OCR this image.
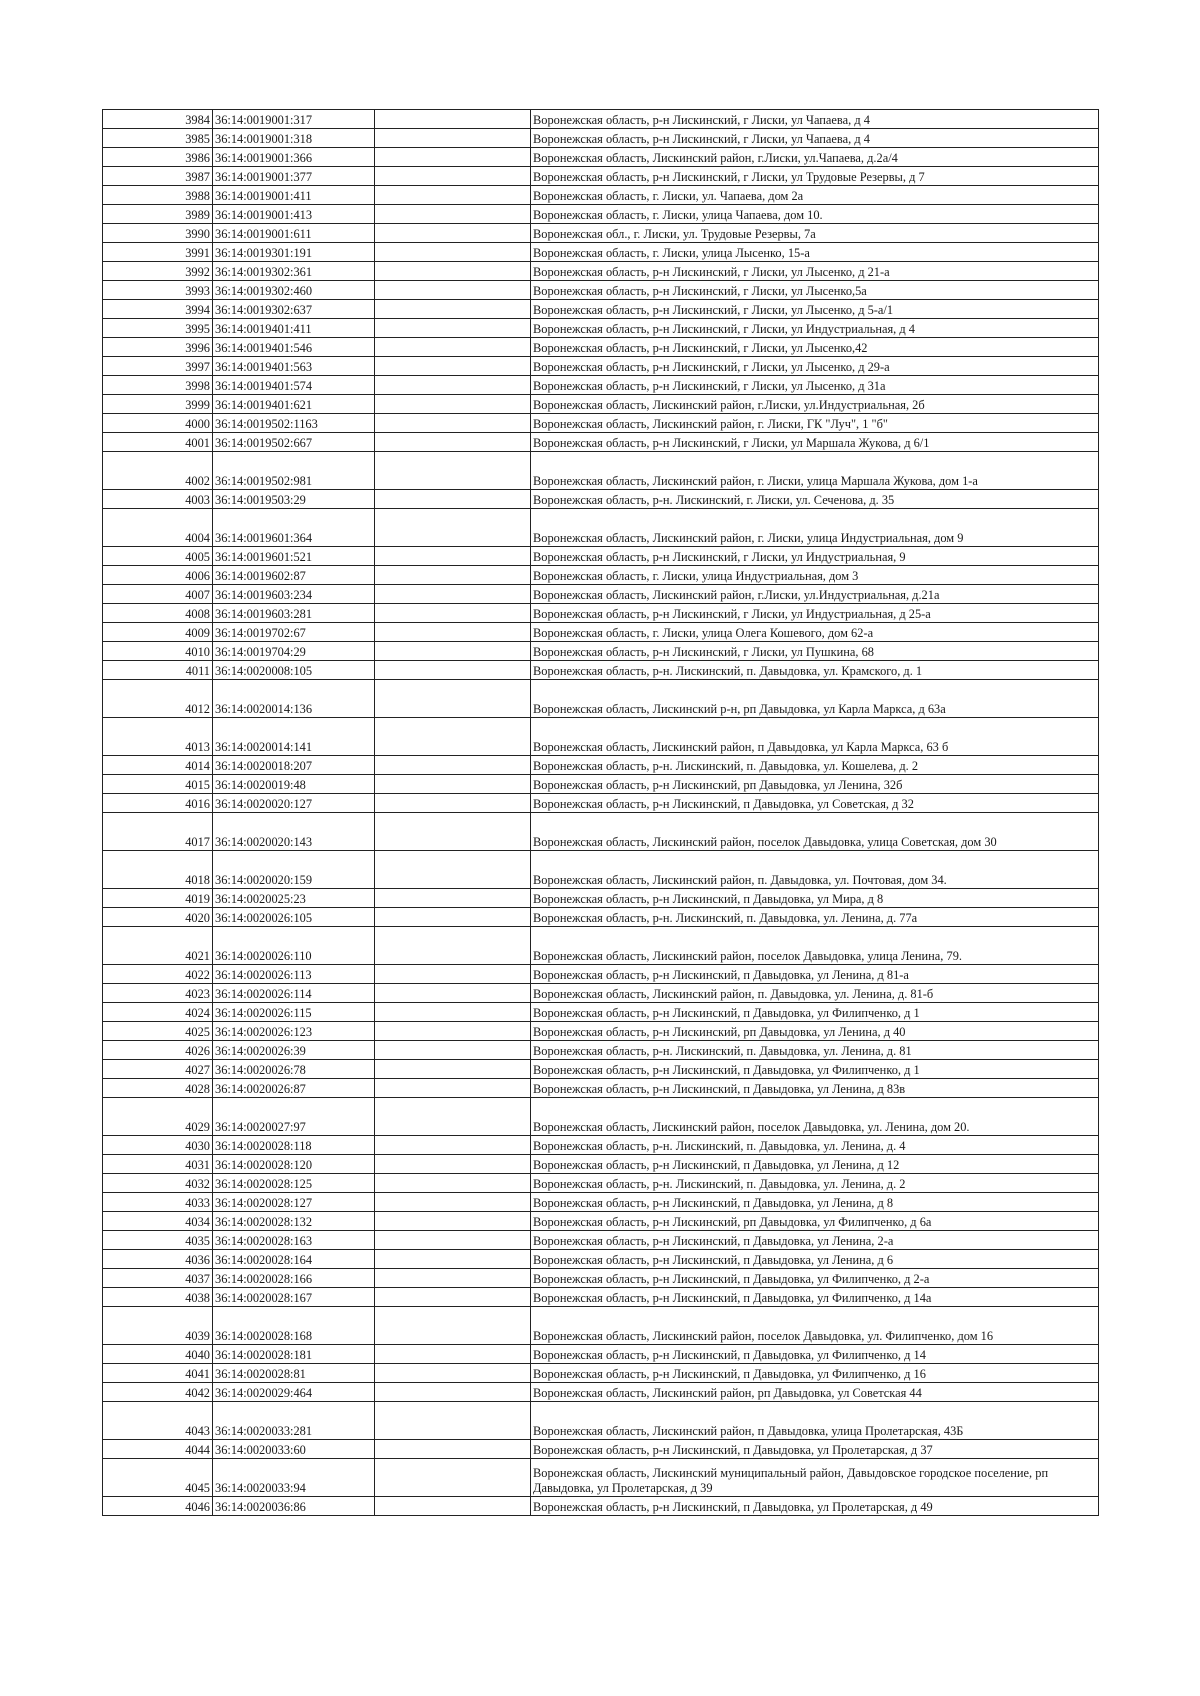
3984	36:14:0019001:317		Воронежская область, р-н Лискинский, г Лиски, ул Чапаева, д 4
3985	36:14:0019001:318		Воронежская область, р-н Лискинский, г Лиски, ул Чапаева, д 4
3986	36:14:0019001:366		Воронежская область, Лискинский район, г.Лиски, ул.Чапаева, д.2а/4
3987	36:14:0019001:377		Воронежская область, р-н Лискинский, г Лиски, ул Трудовые Резервы, д 7
3988	36:14:0019001:411		Воронежская область, г. Лиски, ул. Чапаева, дом 2а
3989	36:14:0019001:413		Воронежская область, г. Лиски, улица Чапаева, дом 10.
3990	36:14:0019001:611		Воронежская обл., г. Лиски, ул. Трудовые Резервы, 7а
3991	36:14:0019301:191		Воронежская область, г. Лиски, улица Лысенко, 15-а
3992	36:14:0019302:361		Воронежская область, р-н Лискинский, г Лиски, ул Лысенко, д 21-а
3993	36:14:0019302:460		Воронежская область, р-н Лискинский, г Лиски, ул Лысенко,5а
3994	36:14:0019302:637		Воронежская область, р-н Лискинский, г Лиски, ул Лысенко, д 5-а/1
3995	36:14:0019401:411		Воронежская область, р-н Лискинский, г Лиски, ул Индустриальная, д 4
3996	36:14:0019401:546		Воронежская область, р-н Лискинский, г Лиски, ул Лысенко,42
3997	36:14:0019401:563		Воронежская область, р-н Лискинский, г Лиски, ул Лысенко, д 29-а
3998	36:14:0019401:574		Воронежская область, р-н Лискинский, г Лиски, ул Лысенко, д 31а
3999	36:14:0019401:621		Воронежская область, Лискинский район, г.Лиски, ул.Индустриальная, 2б
4000	36:14:0019502:1163		Воронежская область, Лискинский район, г. Лиски, ГК "Луч", 1 "б"
4001	36:14:0019502:667		Воронежская область, р-н Лискинский, г Лиски, ул Маршала Жукова, д 6/1
4002	36:14:0019502:981		Воронежская область, Лискинский район, г. Лиски, улица Маршала Жукова, дом 1-а
4003	36:14:0019503:29		Воронежская область, р-н. Лискинский, г. Лиски, ул. Сеченова, д. 35
4004	36:14:0019601:364		Воронежская область, Лискинский район, г. Лиски, улица Индустриальная, дом 9
4005	36:14:0019601:521		Воронежская область, р-н Лискинский, г Лиски, ул Индустриальная, 9
4006	36:14:0019602:87		Воронежская область, г. Лиски, улица Индустриальная, дом 3
4007	36:14:0019603:234		Воронежская область, Лискинский район, г.Лиски, ул.Индустриальная, д.21а
4008	36:14:0019603:281		Воронежская область, р-н Лискинский, г Лиски, ул Индустриальная, д 25-а
4009	36:14:0019702:67		Воронежская область, г. Лиски, улица Олега Кошевого, дом 62-а
4010	36:14:0019704:29		Воронежская область, р-н Лискинский, г Лиски, ул Пушкина, 68
4011	36:14:0020008:105		Воронежская область, р-н. Лискинский, п. Давыдовка, ул. Крамского, д. 1
4012	36:14:0020014:136		Воронежская область, Лискинский р-н, рп Давыдовка, ул Карла Маркса, д 63а
4013	36:14:0020014:141		Воронежская область, Лискинский район, п Давыдовка, ул Карла Маркса, 63 б
4014	36:14:0020018:207		Воронежская область, р-н. Лискинский, п. Давыдовка, ул. Кошелева, д. 2
4015	36:14:0020019:48		Воронежская область, р-н Лискинский, рп Давыдовка, ул Ленина, 32б
4016	36:14:0020020:127		Воронежская область, р-н Лискинский, п Давыдовка, ул Советская, д 32
4017	36:14:0020020:143		Воронежская область, Лискинский район, поселок Давыдовка, улица Советская, дом 30
4018	36:14:0020020:159		Воронежская область, Лискинский район, п. Давыдовка, ул. Почтовая, дом 34.
4019	36:14:0020025:23		Воронежская область, р-н Лискинский, п Давыдовка, ул Мира, д 8
4020	36:14:0020026:105		Воронежская область, р-н. Лискинский, п. Давыдовка, ул. Ленина, д. 77а
4021	36:14:0020026:110		Воронежская область, Лискинский район, поселок Давыдовка, улица Ленина, 79.
4022	36:14:0020026:113		Воронежская область, р-н Лискинский, п Давыдовка, ул Ленина, д 81-а
4023	36:14:0020026:114		Воронежская область, Лискинский район, п. Давыдовка, ул. Ленина, д. 81-б
4024	36:14:0020026:115		Воронежская область, р-н Лискинский, п Давыдовка, ул Филипченко, д 1
4025	36:14:0020026:123		Воронежская область, р-н Лискинский, рп Давыдовка, ул Ленина, д 40
4026	36:14:0020026:39		Воронежская область, р-н. Лискинский, п. Давыдовка, ул. Ленина, д. 81
4027	36:14:0020026:78		Воронежская область, р-н Лискинский, п Давыдовка, ул Филипченко, д 1
4028	36:14:0020026:87		Воронежская область, р-н Лискинский, п Давыдовка, ул Ленина, д 83в
4029	36:14:0020027:97		Воронежская область, Лискинский район, поселок Давыдовка, ул. Ленина, дом 20.
4030	36:14:0020028:118		Воронежская область, р-н. Лискинский, п. Давыдовка, ул. Ленина, д. 4
4031	36:14:0020028:120		Воронежская область, р-н Лискинский, п Давыдовка, ул Ленина, д 12
4032	36:14:0020028:125		Воронежская область, р-н. Лискинский, п. Давыдовка, ул. Ленина, д. 2
4033	36:14:0020028:127		Воронежская область, р-н Лискинский, п Давыдовка, ул Ленина, д 8
4034	36:14:0020028:132		Воронежская область, р-н Лискинский, рп Давыдовка, ул Филипченко, д 6а
4035	36:14:0020028:163		Воронежская область, р-н Лискинский, п Давыдовка, ул Ленина, 2-а
4036	36:14:0020028:164		Воронежская область, р-н Лискинский, п Давыдовка, ул Ленина, д 6
4037	36:14:0020028:166		Воронежская область, р-н Лискинский, п Давыдовка, ул Филипченко, д 2-а
4038	36:14:0020028:167		Воронежская область, р-н Лискинский, п Давыдовка, ул Филипченко, д 14а
4039	36:14:0020028:168		Воронежская область, Лискинский район, поселок Давыдовка, ул. Филипченко, дом 16
4040	36:14:0020028:181		Воронежская область, р-н Лискинский, п Давыдовка, ул Филипченко, д 14
4041	36:14:0020028:81		Воронежская область, р-н Лискинский, п Давыдовка, ул Филипченко, д 16
4042	36:14:0020029:464		Воронежская область, Лискинский район, рп Давыдовка, ул Советская 44
4043	36:14:0020033:281		Воронежская область, Лискинский район, п Давыдовка, улица Пролетарская, 43Б
4044	36:14:0020033:60		Воронежская область, р-н Лискинский, п Давыдовка, ул Пролетарская, д 37
4045	36:14:0020033:94		Воронежская область, Лискинский муниципальный район, Давыдовское городское поселение, рп Давыдовка, ул Пролетарская, д 39
4046	36:14:0020036:86		Воронежская область, р-н Лискинский, п Давыдовка, ул Пролетарская, д 49
